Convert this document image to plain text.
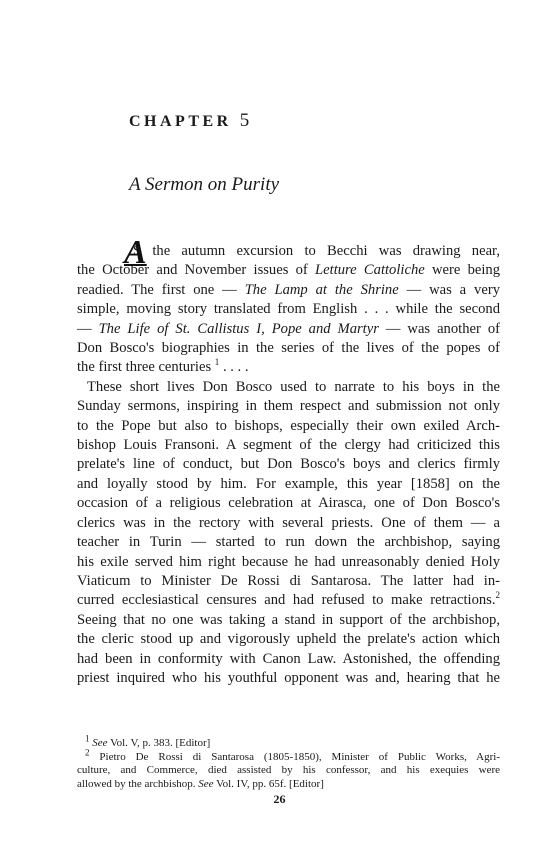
CHAPTER 5
A Sermon on Purity
A
S the autumn excursion to Becchi was drawing near,
the October and November issues of Letture Cattoliche were being
readied. The first one — The Lamp at the Shrine — was a very
simple, moving story translated from English . . . while the second
— The Life of St. Callistus I, Pope and Martyr — was another of
Don Bosco's biographies in the series of the lives of the popes of
the first three centuries $^1$ . . . .
These short lives Don Bosco used to narrate to his boys in the
Sunday sermons, inspiring in them respect and submission not only
to the Pope but also to bishops, especially their own exiled Arch-
bishop Louis Fransoni. A segment of the clergy had criticized this
prelate's line of conduct, but Don Bosco's boys and clerics firmly
and loyally stood by him. For example, this year [1858] on the
occasion of a religious celebration at Airasca, one of Don Bosco's
clerics was in the rectory with several priests. One of them — a
teacher in Turin — started to run down the archbishop, saying
his exile served him right because he had unreasonably denied Holy
Viaticum to Minister De Rossi di Santarosa. The latter had in-
curred ecclesiastical censures and had refused to make retractions.$^2$
Seeing that no one was taking a stand in support of the archbishop,
the cleric stood up and vigorously upheld the prelate's action which
had been in conformity with Canon Law. Astonished, the offending
priest inquired who his youthful opponent was and, hearing that he
$^1$ See Vol. V, p. 383. [Editor]
$^2$ Pietro De Rossi di Santarosa (1805-1850), Minister of Public Works, Agri-
culture, and Commerce, died assisted by his confessor, and his exequies were
allowed by the archbishop. See Vol. IV, pp. 65f. [Editor]
26
